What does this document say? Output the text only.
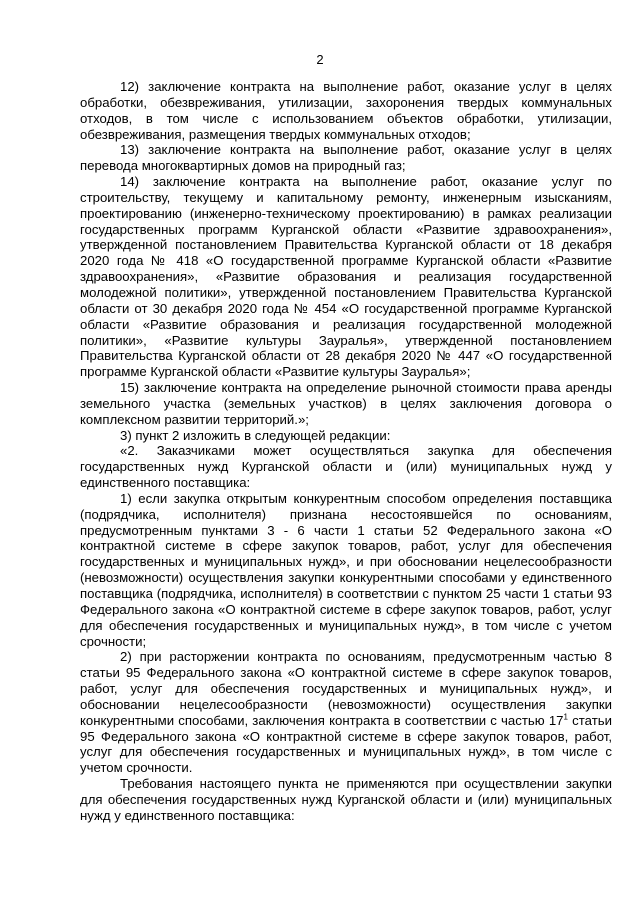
2

12) заключение контракта на выполнение работ, оказание услуг в целях обработки, обезвреживания, утилизации, захоронения твердых коммунальных отходов, в том числе с использованием объектов обработки, утилизации, обезвреживания, размещения твердых коммунальных отходов;

13) заключение контракта на выполнение работ, оказание услуг в целях перевода многоквартирных домов на природный газ;

14) заключение контракта на выполнение работ, оказание услуг по строительству, текущему и капитальному ремонту, инженерным изысканиям, проектированию (инженерно-техническому проектированию) в рамках реализации государственных программ Курганской области «Развитие здравоохранения», утвержденной постановлением Правительства Курганской области от 18 декабря 2020 года № 418 «О государственной программе Курганской области «Развитие здравоохранения», «Развитие образования и реализация государственной молодежной политики», утвержденной постановлением Правительства Курганской области от 30 декабря 2020 года № 454 «О государственной программе Курганской области «Развитие образования и реализация государственной молодежной политики», «Развитие культуры Зауралья», утвержденной постановлением Правительства Курганской области от 28 декабря 2020 № 447 «О государственной программе Курганской области «Развитие культуры Зауралья»;

15) заключение контракта на определение рыночной стоимости права аренды земельного участка (земельных участков) в целях заключения договора о комплексном развитии территорий.»;

3) пункт 2 изложить в следующей редакции:

«2. Заказчиками может осуществляться закупка для обеспечения государственных нужд Курганской области и (или) муниципальных нужд у единственного поставщика:

1) если закупка открытым конкурентным способом определения поставщика (подрядчика, исполнителя) признана несостоявшейся по основаниям, предусмотренным пунктами 3 - 6 части 1 статьи 52 Федерального закона «О контрактной системе в сфере закупок товаров, работ, услуг для обеспечения государственных и муниципальных нужд», и при обосновании нецелесообразности (невозможности) осуществления закупки конкурентными способами у единственного поставщика (подрядчика, исполнителя) в соответствии с пунктом 25 части 1 статьи 93 Федерального закона «О контрактной системе в сфере закупок товаров, работ, услуг для обеспечения государственных и муниципальных нужд», в том числе с учетом срочности;

2) при расторжении контракта по основаниям, предусмотренным частью 8 статьи 95 Федерального закона «О контрактной системе в сфере закупок товаров, работ, услуг для обеспечения государственных и муниципальных нужд», и обосновании нецелесообразности (невозможности) осуществления закупки конкурентными способами, заключения контракта в соответствии с частью $17^1$ статьи 95 Федерального закона «О контрактной системе в сфере закупок товаров, работ, услуг для обеспечения государственных и муниципальных нужд», в том числе с учетом срочности.

Требования настоящего пункта не применяются при осуществлении закупки для обеспечения государственных нужд Курганской области и (или) муниципальных нужд у единственного поставщика:
